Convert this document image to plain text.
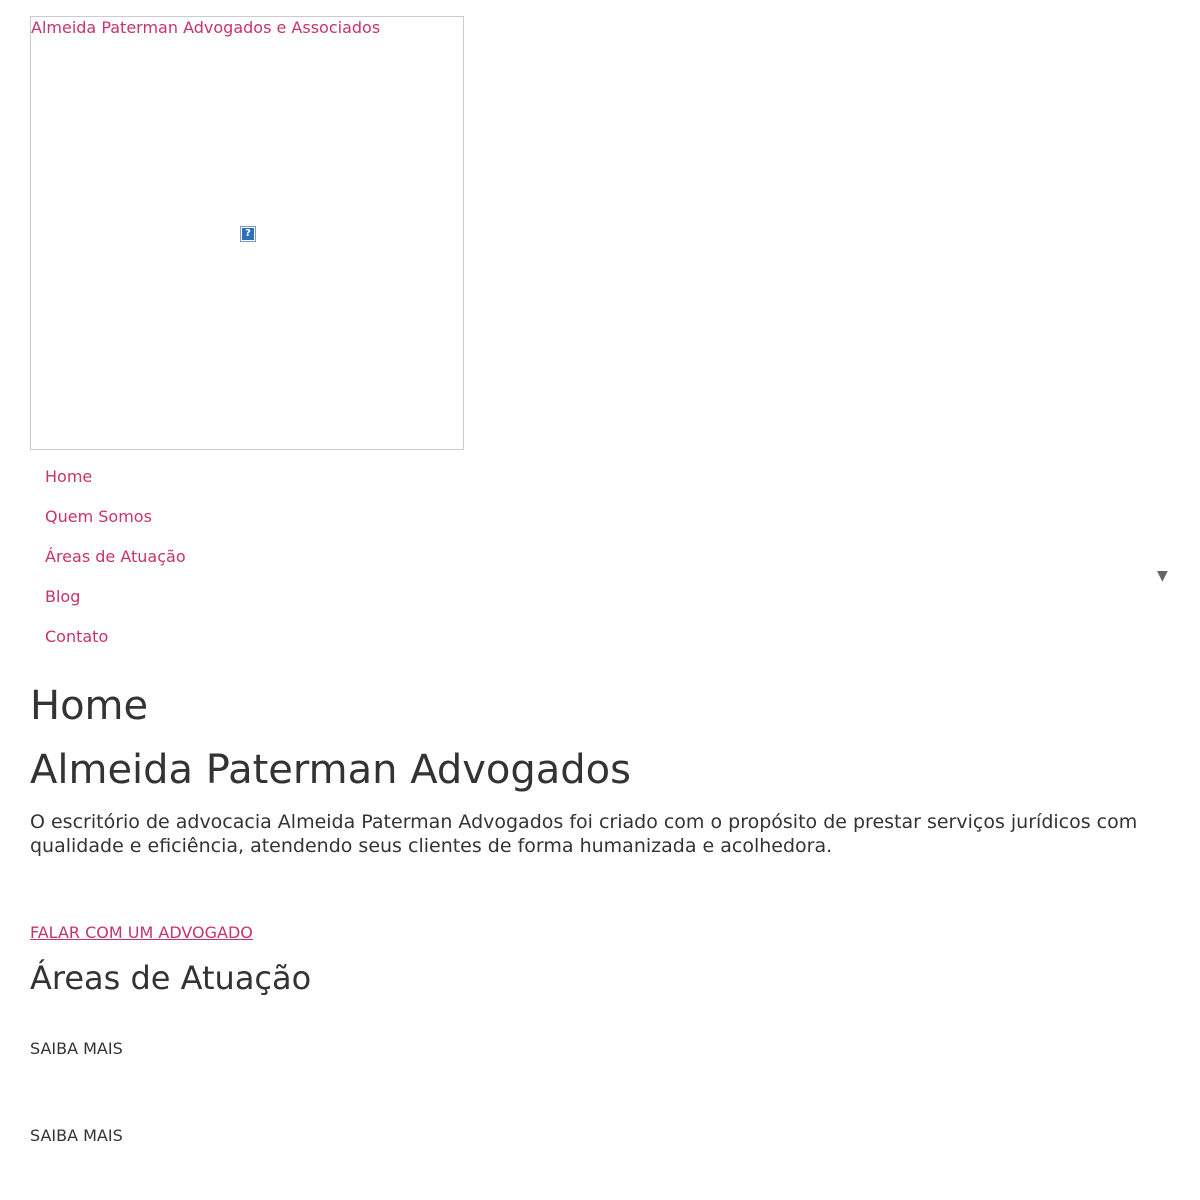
Almeida Paterman Advogados e Associados
?
Home
Quem Somos
Áreas de Atuação
Blog
Contato
▼
Home
Almeida Paterman Advogados

O escritório de advocacia Almeida Paterman Advogados foi criado com o propósito de prestar serviços jurídicos com qualidade e eficiência, atendendo seus clientes de forma humanizada e acolhedora.

FALAR COM UM ADVOGADO
Áreas de Atuação
SAIBA MAIS
SAIBA MAIS
